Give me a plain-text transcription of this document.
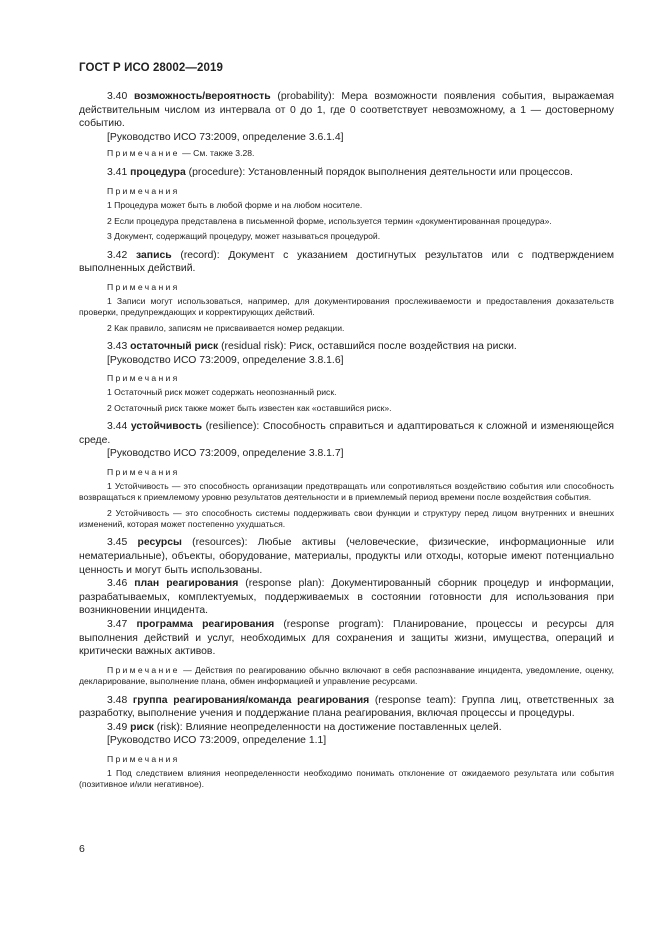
ГОСТ Р ИСО 28002—2019

3.40 возможность/вероятность (probability): Мера возможности появления события, выражаемая действительным числом из интервала от 0 до 1, где 0 соответствует невозможному, а 1 — достоверному событию.

[Руководство ИСО 73:2009, определение 3.6.1.4]

Примечание — См. также 3.28.

3.41 процедура (procedure): Установленный порядок выполнения деятельности или процессов.

Примечания

1 Процедура может быть в любой форме и на любом носителе.

2 Если процедура представлена в письменной форме, используется термин «документированная процедура».

3 Документ, содержащий процедуру, может называться процедурой.

3.42 запись (record): Документ с указанием достигнутых результатов или с подтверждением выполненных действий.

Примечания

1 Записи могут использоваться, например, для документирования прослеживаемости и предоставления доказательств проверки, предупреждающих и корректирующих действий.

2 Как правило, записям не присваивается номер редакции.

3.43 остаточный риск (residual risk): Риск, оставшийся после воздействия на риски.

[Руководство ИСО 73:2009, определение 3.8.1.6]

Примечания

1 Остаточный риск может содержать неопознанный риск.

2 Остаточный риск также может быть известен как «оставшийся риск».

3.44 устойчивость (resilience): Способность справиться и адаптироваться к сложной и изменяющейся среде.

[Руководство ИСО 73:2009, определение 3.8.1.7]

Примечания

1 Устойчивость — это способность организации предотвращать или сопротивляться воздействию события или способность возвращаться к приемлемому уровню результатов деятельности и в приемлемый период времени после воздействия события.

2 Устойчивость — это способность системы поддерживать свои функции и структуру перед лицом внутренних и внешних изменений, которая может постепенно ухудшаться.

3.45 ресурсы (resources): Любые активы (человеческие, физические, информационные или нематериальные), объекты, оборудование, материалы, продукты или отходы, которые имеют потенциально ценность и могут быть использованы.

3.46 план реагирования (response plan): Документированный сборник процедур и информации, разрабатываемых, комплектуемых, поддерживаемых в состоянии готовности для использования при возникновении инцидента.

3.47 программа реагирования (response program): Планирование, процессы и ресурсы для выполнения действий и услуг, необходимых для сохранения и защиты жизни, имущества, операций и критически важных активов.

Примечание — Действия по реагированию обычно включают в себя распознавание инцидента, уведомление, оценку, декларирование, выполнение плана, обмен информацией и управление ресурсами.

3.48 группа реагирования/команда реагирования (response team): Группа лиц, ответственных за разработку, выполнение учения и поддержание плана реагирования, включая процессы и процедуры.

3.49 риск (risk): Влияние неопределенности на достижение поставленных целей.

[Руководство ИСО 73:2009, определение 1.1]

Примечания

1 Под следствием влияния неопределенности необходимо понимать отклонение от ожидаемого результата или события (позитивное и/или негативное).

6
